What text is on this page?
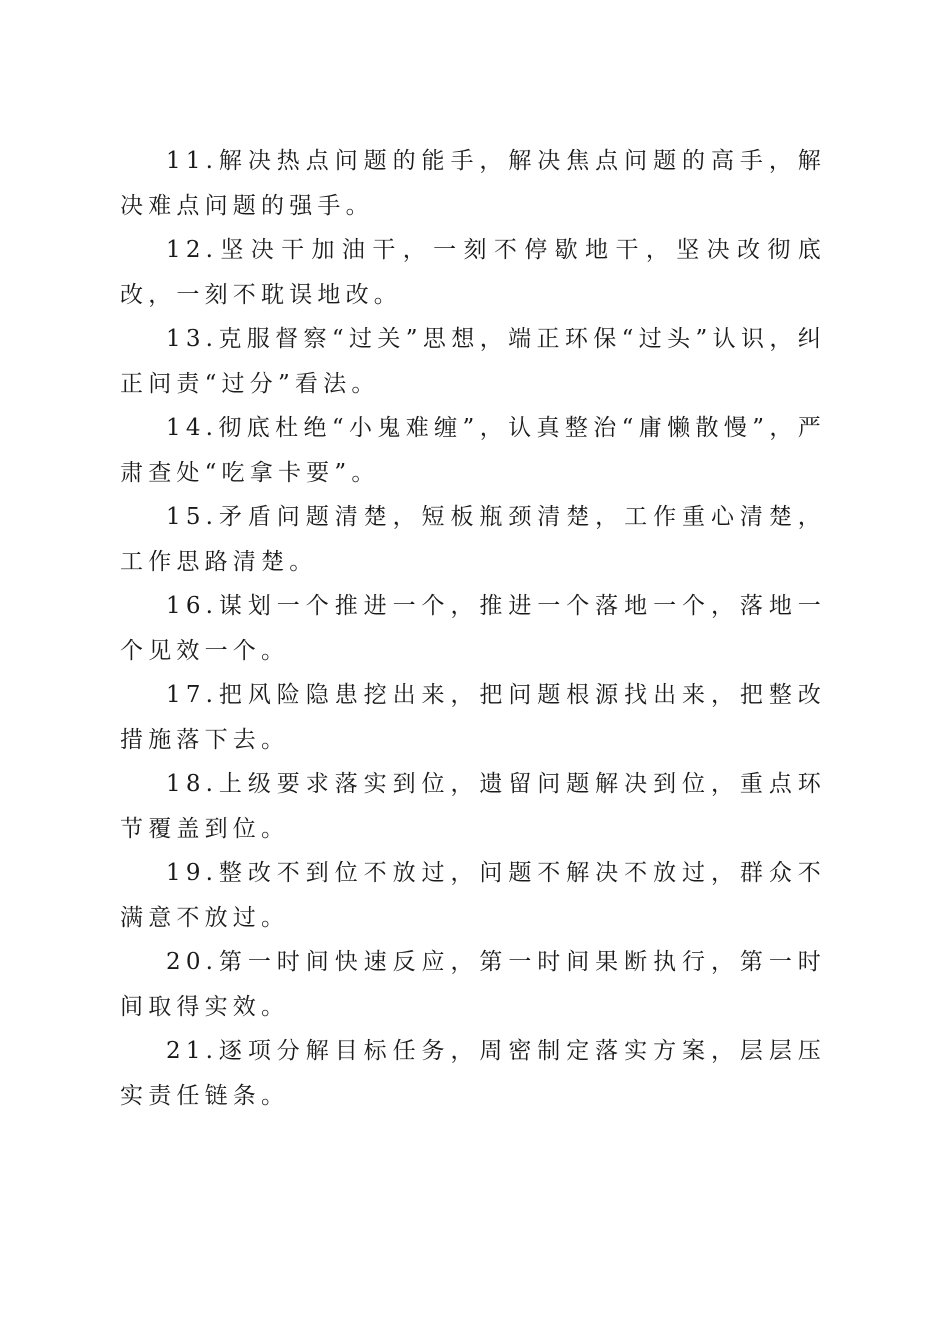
11.解决热点问题的能手，解决焦点问题的高手，解决难点问题的强手。

12.坚决干加油干，一刻不停歇地干，坚决改彻底改，一刻不耽误地改。

13.克服督察“过关”思想，端正环保“过头”认识，纠正问责“过分”看法。

14.彻底杜绝“小鬼难缠”，认真整治“庸懒散慢”，严肃查处“吃拿卡要”。

15.矛盾问题清楚，短板瓶颈清楚，工作重心清楚，工作思路清楚。

16.谋划一个推进一个，推进一个落地一个，落地一个见效一个。

17.把风险隐患挖出来，把问题根源找出来，把整改措施落下去。

18.上级要求落实到位，遗留问题解决到位，重点环节覆盖到位。

19.整改不到位不放过，问题不解决不放过，群众不满意不放过。

20.第一时间快速反应，第一时间果断执行，第一时间取得实效。

21.逐项分解目标任务，周密制定落实方案，层层压实责任链条。
